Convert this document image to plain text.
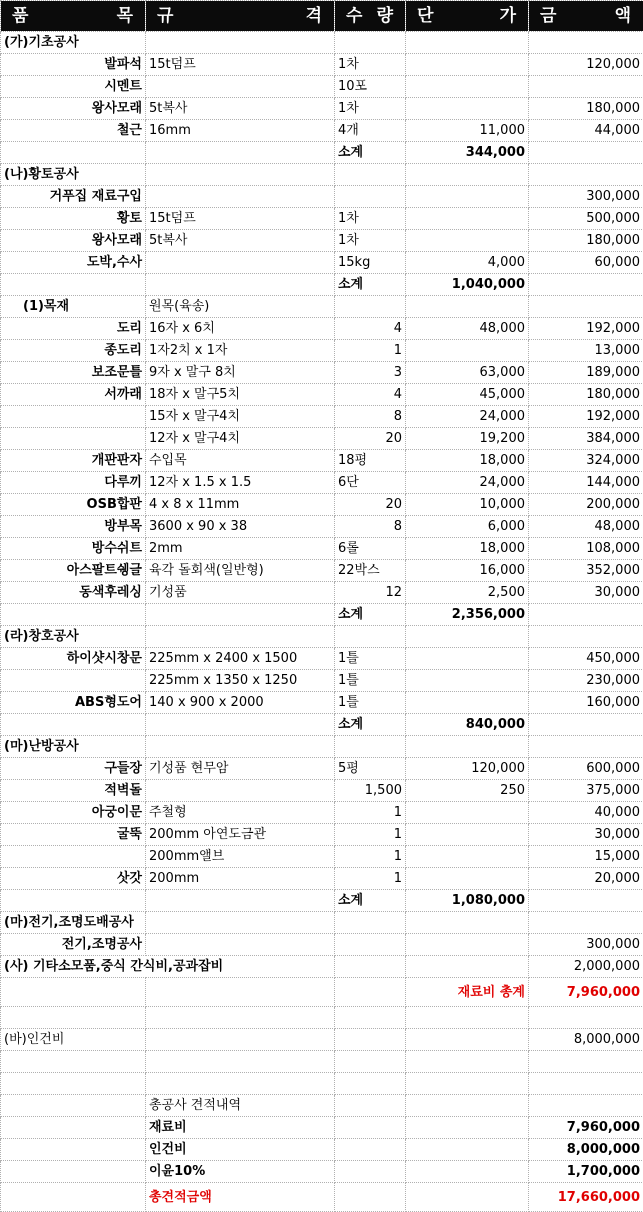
품 목	규 격	수 량	단 가	금 액

(가)기초공사				
발파석	15t덤프	1차		120,000
시멘트		10포		
왕사모래	5t복사	1차		180,000
철근	16mm	4개	11,000	44,000
		소계	344,000	
(나)황토공사				
거푸집 재료구입				300,000
황토	15t덤프	1차		500,000
왕사모래	5t복사	1차		180,000
도박,수사		15kg	4,000	60,000
		소계	1,040,000	
(1)목재	원목(육송)			
도리	16자 x 6치	4	48,000	192,000
종도리	1자2치 x 1자	1		13,000
보조문틀	9자 x 말구 8치	3	63,000	189,000
서까래	18자 x 말구5치	4	45,000	180,000
	15자 x 말구4치	8	24,000	192,000
	12자 x 말구4치	20	19,200	384,000
개판판자	수입목	18평	18,000	324,000
다루끼	12자 x 1.5 x 1.5	6단	24,000	144,000
OSB합판	4 x 8 x 11mm	20	10,000	200,000
방부목	3600 x 90 x 38	8	6,000	48,000
방수쉬트	2mm	6롤	18,000	108,000
아스팔트쉥글	육각 돌회색(일반형)	22박스	16,000	352,000
동색후레싱	기성품	12	2,500	30,000
		소계	2,356,000	
(라)창호공사				
하이샷시창문	225mm x 2400 x 1500	1틀		450,000
	225mm x 1350 x 1250	1틀		230,000
ABS형도어	140 x 900 x 2000	1틀		160,000
		소계	840,000	
(마)난방공사				
구들장	기성품 현무암	5평	120,000	600,000
적벽돌		1,500	250	375,000
아궁이문	주철형	1		40,000
굴뚝	200mm 아연도금관	1		30,000
	200mm앨브	1		15,000
삿갓	200mm	1		20,000
		소계	1,080,000	
(마)전기,조명도배공사				
전기,조명공사				300,000
(사) 기타소모품,중식 간식비,공과잡비				2,000,000
			재료비 총계	7,960,000

(바)인건비				8,000,000

	총공사 견적내역			
	재료비			7,960,000
	인건비			8,000,000
	이윤10%			1,700,000
	총견적금액			17,660,000
